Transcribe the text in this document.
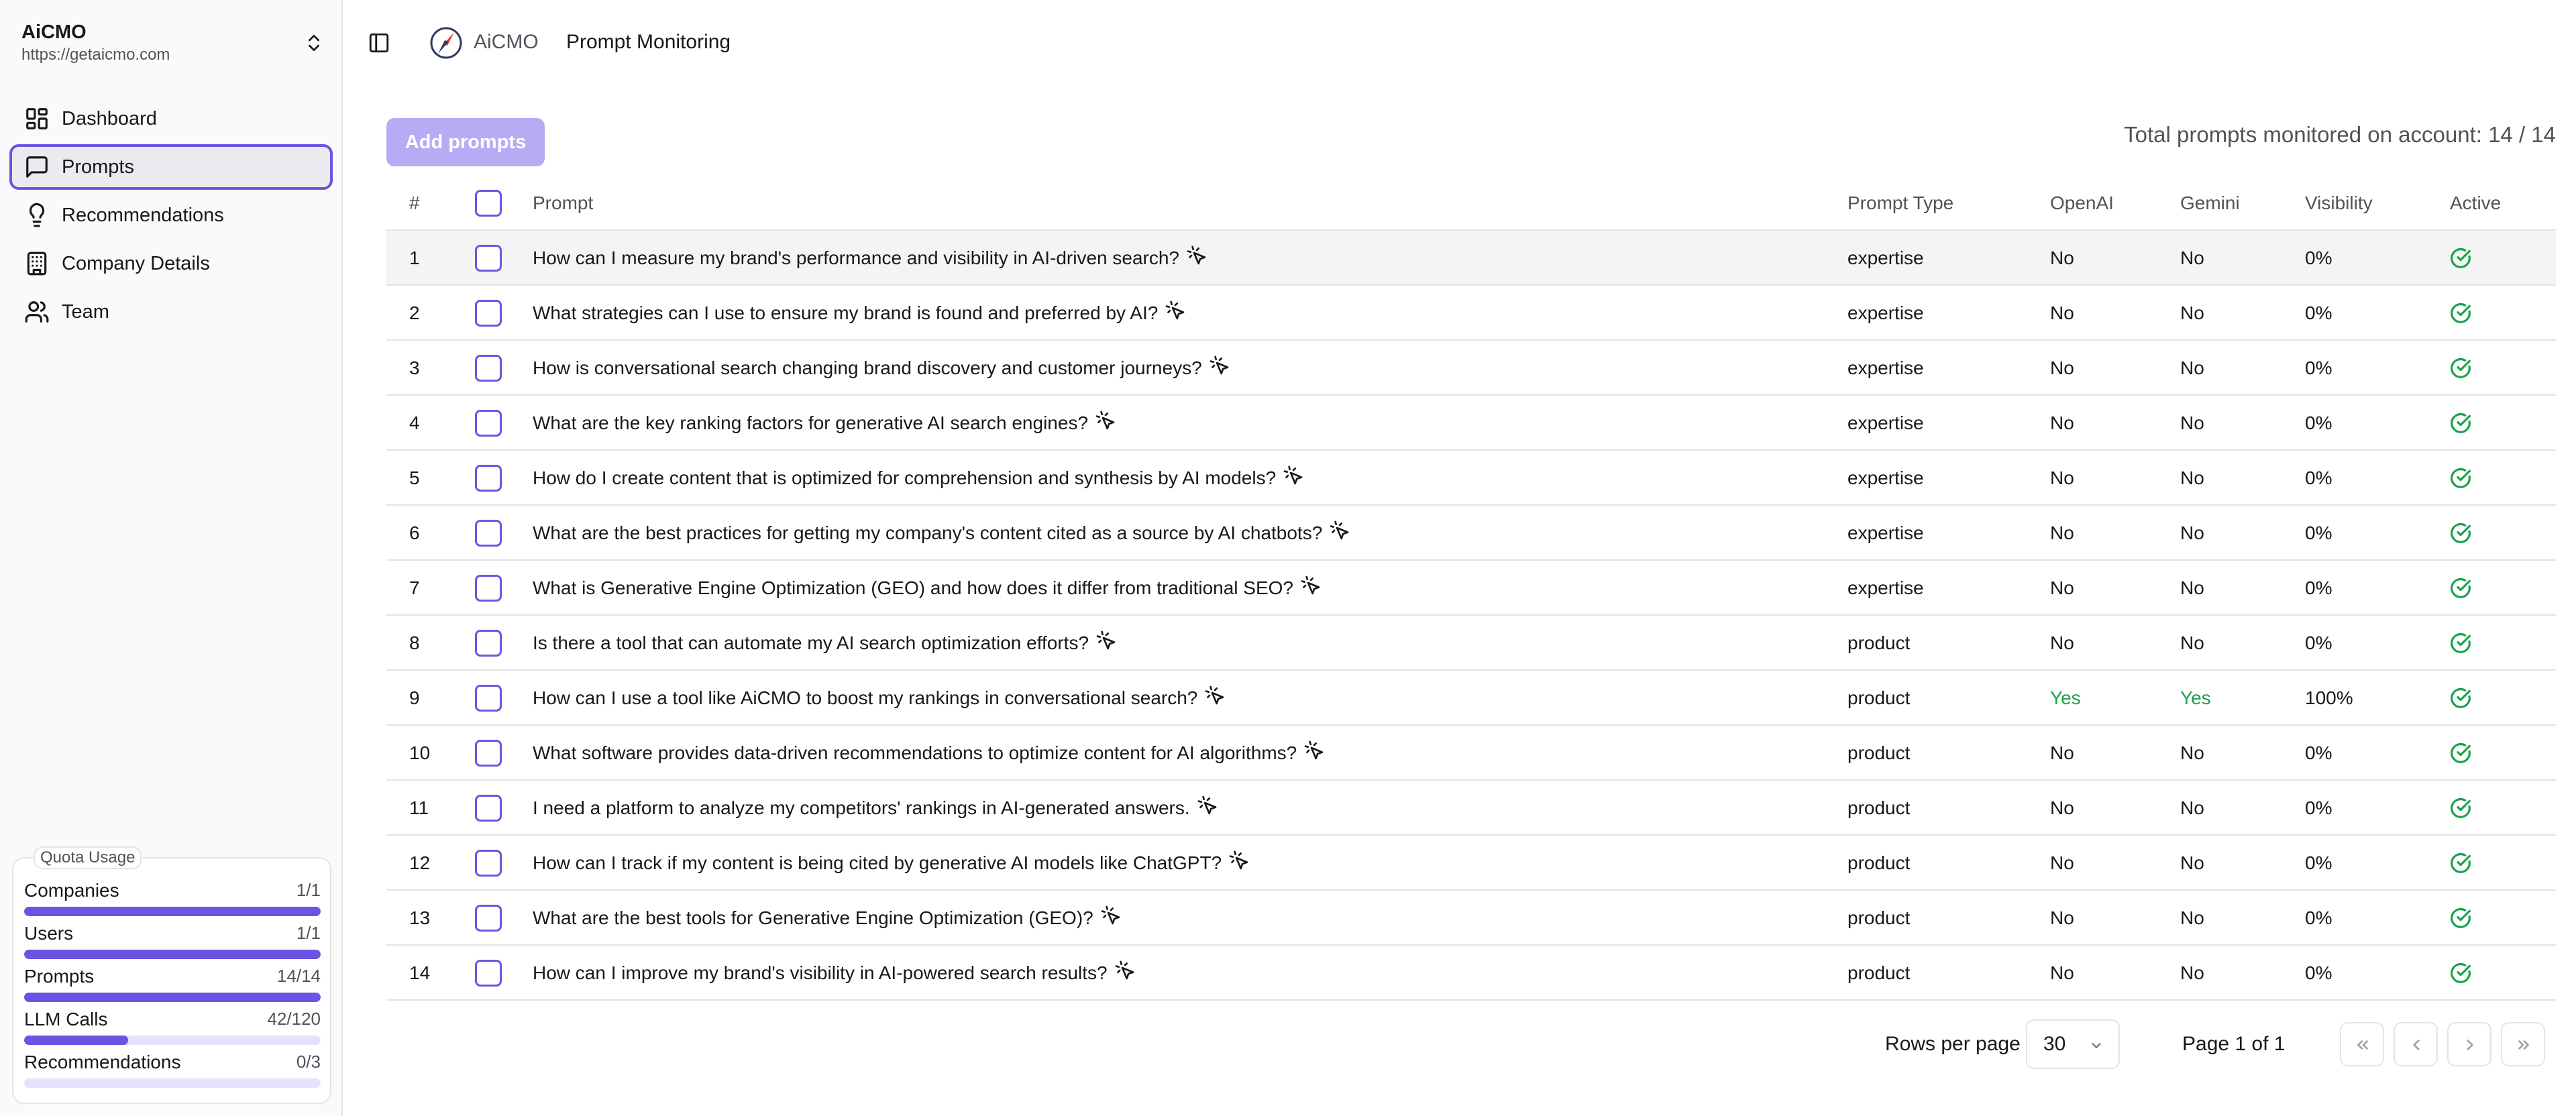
AiCMO
https://getaicmo.com
Dashboard
Prompts
Recommendations
Company Details
Team
Quota Usage
Companies	1/1
Users	1/1
Prompts	14/14
LLM Calls	42/120
Recommendations	0/3
AiCMO Prompt Monitoring
Add prompts	Total prompts monitored on account: 14 / 14
#	Prompt	Prompt Type	OpenAI	Gemini	Visibility	Active
1	How can I measure my brand's performance and visibility in AI-driven search?	expertise	No	No	0%
2	What strategies can I use to ensure my brand is found and preferred by AI?	expertise	No	No	0%
3	How is conversational search changing brand discovery and customer journeys?	expertise	No	No	0%
4	What are the key ranking factors for generative AI search engines?	expertise	No	No	0%
5	How do I create content that is optimized for comprehension and synthesis by AI models?	expertise	No	No	0%
6	What are the best practices for getting my company's content cited as a source by AI chatbots?	expertise	No	No	0%
7	What is Generative Engine Optimization (GEO) and how does it differ from traditional SEO?	expertise	No	No	0%
8	Is there a tool that can automate my AI search optimization efforts?	product	No	No	0%
9	How can I use a tool like AiCMO to boost my rankings in conversational search?	product	Yes	Yes	100%
10	What software provides data-driven recommendations to optimize content for AI algorithms?	product	No	No	0%
11	I need a platform to analyze my competitors' rankings in AI-generated answers.	product	No	No	0%
12	How can I track if my content is being cited by generative AI models like ChatGPT?	product	No	No	0%
13	What are the best tools for Generative Engine Optimization (GEO)?	product	No	No	0%
14	How can I improve my brand's visibility in AI-powered search results?	product	No	No	0%
Rows per page	30	Page 1 of 1
